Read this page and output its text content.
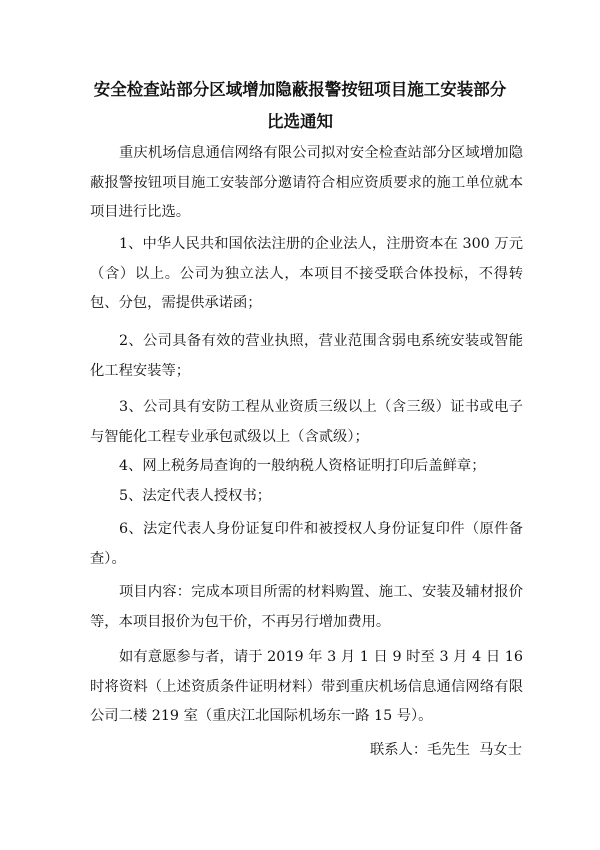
安全检查站部分区域增加隐蔽报警按钮项目施工安装部分
比选通知

重庆机场信息通信网络有限公司拟对安全检查站部分区域增加隐蔽报警按钮项目施工安装部分邀请符合相应资质要求的施工单位就本项目进行比选。

1、中华人民共和国依法注册的企业法人，注册资本在 300 万元（含）以上。公司为独立法人，本项目不接受联合体投标，不得转包、分包，需提供承诺函；

2、公司具备有效的营业执照，营业范围含弱电系统安装或智能化工程安装等；

3、公司具有安防工程从业资质三级以上（含三级）证书或电子与智能化工程专业承包贰级以上（含贰级）；

4、网上税务局查询的一般纳税人资格证明打印后盖鲜章；

5、法定代表人授权书；

6、法定代表人身份证复印件和被授权人身份证复印件（原件备查）。

项目内容：完成本项目所需的材料购置、施工、安装及辅材报价等，本项目报价为包干价，不再另行增加费用。

如有意愿参与者，请于 2019 年 3 月 1 日 9 时至 3 月 4 日 16 时将资料（上述资质条件证明材料）带到重庆机场信息通信网络有限公司二楼 219 室（重庆江北国际机场东一路 15 号）。

联系人：毛先生  马女士
